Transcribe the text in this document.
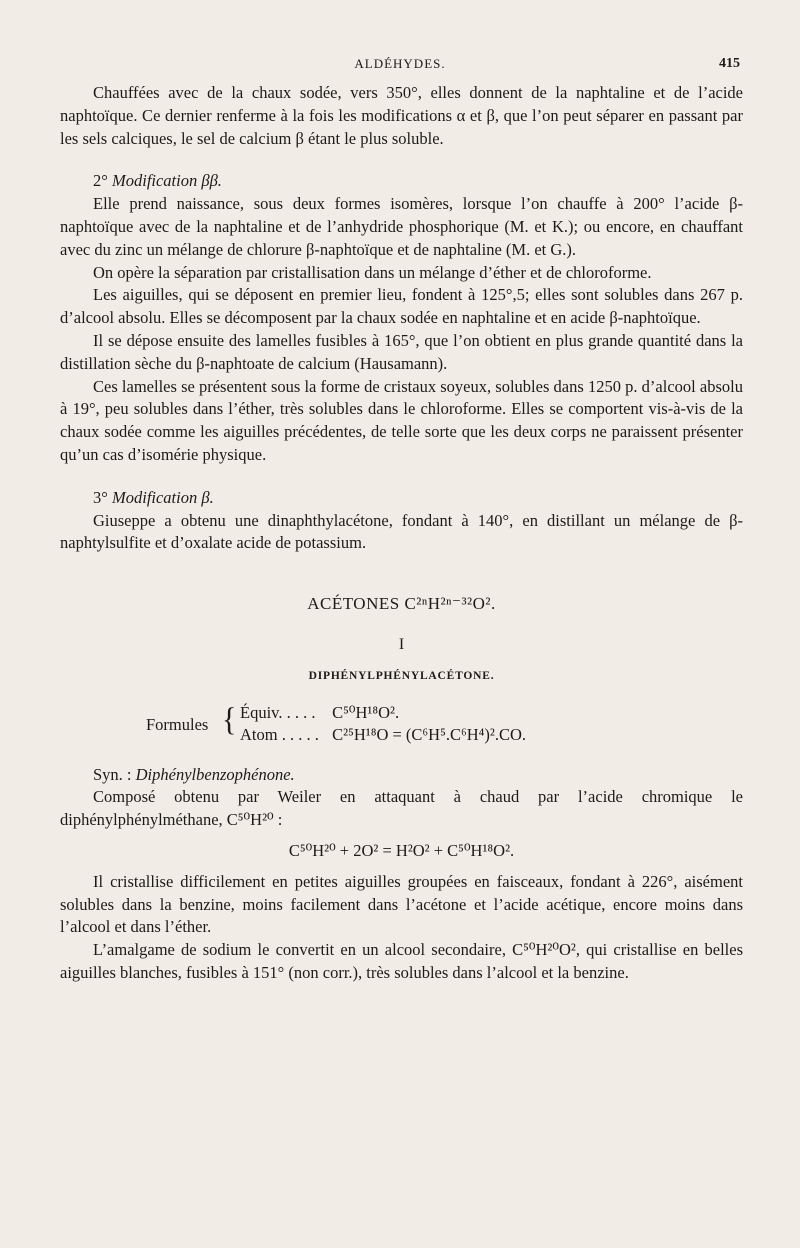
ALDÉHYDES.	415

Chauffées avec de la chaux sodée, vers 350°, elles donnent de la naphtaline et de l’acide naphtoïque. Ce dernier renferme à la fois les modifications α et β, que l’on peut séparer en passant par les sels calciques, le sel de calcium β étant le plus soluble.

2° Modification ββ.

Elle prend naissance, sous deux formes isomères, lorsque l’on chauffe à 200° l’acide β-naphtoïque avec de la naphtaline et de l’anhydride phosphorique (M. et K.); ou encore, en chauffant avec du zinc un mélange de chlorure β-naphtoïque et de naphtaline (M. et G.).

On opère la séparation par cristallisation dans un mélange d’éther et de chloroforme.

Les aiguilles, qui se déposent en premier lieu, fondent à 125°,5; elles sont solubles dans 267 p. d’alcool absolu. Elles se décomposent par la chaux sodée en naphtaline et en acide β-naphtoïque.

Il se dépose ensuite des lamelles fusibles à 165°, que l’on obtient en plus grande quantité dans la distillation sèche du β-naphtoate de calcium (Hausamann).

Ces lamelles se présentent sous la forme de cristaux soyeux, solubles dans 1250 p. d’alcool absolu à 19°, peu solubles dans l’éther, très solubles dans le chloroforme. Elles se comportent vis-à-vis de la chaux sodée comme les aiguilles précédentes, de telle sorte que les deux corps ne paraissent présenter qu’un cas d’isomérie physique.

3° Modification β.

Giuseppe a obtenu une dinaphthylacétone, fondant à 140°, en distillant un mélange de β-naphtylsulfite et d’oxalate acide de potassium.

ACÉTONES C²ⁿH²ⁿ⁻³²O².

I

DIPHÉNYLPHÉNYLACÉTONE.

Formules { Équiv. . . . . C⁵⁰H¹⁸O².
Atom . . . . . C²⁵H¹⁸O = (C⁶H⁵.C⁶H⁴)².CO.

Syn. : Diphénylbenzophénone.

Composé obtenu par Weiler en attaquant à chaud par l’acide chromique le diphénylphénylméthane, C⁵⁰H²⁰ :

C⁵⁰H²⁰ + 2O² = H²O² + C⁵⁰H¹⁸O².

Il cristallise difficilement en petites aiguilles groupées en faisceaux, fondant à 226°, aisément solubles dans la benzine, moins facilement dans l’acétone et l’acide acétique, encore moins dans l’alcool et dans l’éther.

L’amalgame de sodium le convertit en un alcool secondaire, C⁵⁰H²⁰O², qui cristallise en belles aiguilles blanches, fusibles à 151° (non corr.), très solubles dans l’alcool et la benzine.
